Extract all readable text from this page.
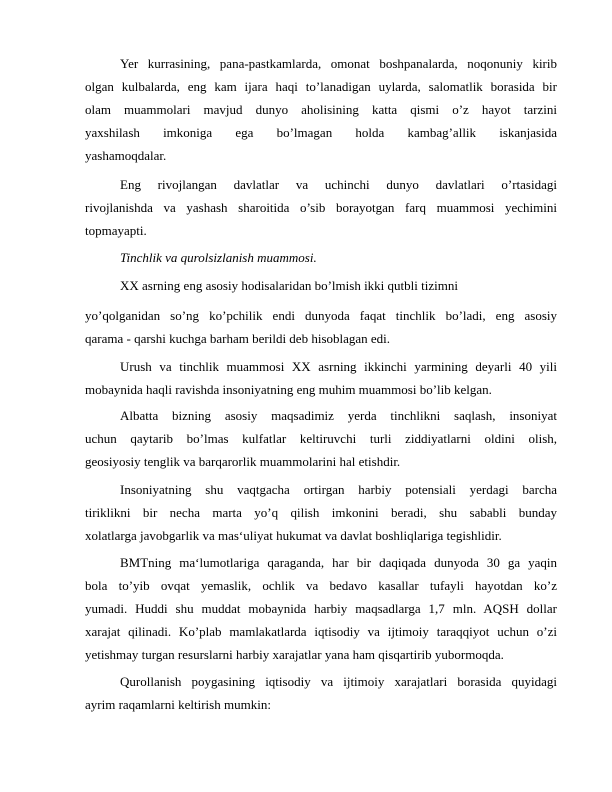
Yer kurrasining, pana-pastkamlarda, omonat boshpanalarda, noqonuniy kirib
olgan kulbalarda, eng kam ijara haqi to’lanadigan uylarda, salomatlik borasida bir
olam muammolari mavjud dunyo aholisining katta qismi o’z hayot tarzini
yaxshilash imkoniga ega bo’lmagan holda kambag’allik iskanjasida
yashamoqdalar.
Eng rivojlangan davlatlar va uchinchi dunyo davlatlari o’rtasidagi
rivojlanishda va yashash sharoitida o’sib borayotgan farq muammosi yechimini
topmayapti.
Tinchlik va qurolsizlanish muammosi.
XX asrning eng asosiy hodisalaridan bo’lmish ikki qutbli tizimni
yo’qolganidan so’ng ko’pchilik endi dunyoda faqat tinchlik bo’ladi, eng asosiy
qarama - qarshi kuchga barham berildi deb hisoblagan edi.
Urush va tinchlik muammosi XX asrning ikkinchi yarmining deyarli 40 yili
mobaynida haqli ravishda insoniyatning eng muhim muammosi bo’lib kelgan.
Albatta bizning asosiy maqsadimiz yerda tinchlikni saqlash, insoniyat
uchun qaytarib bo’lmas kulfatlar keltiruvchi turli ziddiyatlarni oldini olish,
geosiyosiy tenglik va barqarorlik muammolarini hal etishdir.
Insoniyatning shu vaqtgacha ortirgan harbiy potensiali yerdagi barcha
tiriklikni bir necha marta yo’q qilish imkonini beradi, shu sababli bunday
xolatlarga javobgarlik va mas‘uliyat hukumat va davlat boshliqlariga tegishlidir.
BMTning ma‘lumotlariga qaraganda, har bir daqiqada dunyoda 30 ga yaqin
bola to’yib ovqat yemaslik, ochlik va bedavo kasallar tufayli hayotdan ko’z
yumadi. Huddi shu muddat mobaynida harbiy maqsadlarga 1,7 mln. AQSH dollar
xarajat qilinadi. Ko’plab mamlakatlarda iqtisodiy va ijtimoiy taraqqiyot uchun o’zi
yetishmay turgan resurslarni harbiy xarajatlar yana ham qisqartirib yubormoqda.
Qurollanish poygasining iqtisodiy va ijtimoiy xarajatlari borasida quyidagi
ayrim raqamlarni keltirish mumkin:
